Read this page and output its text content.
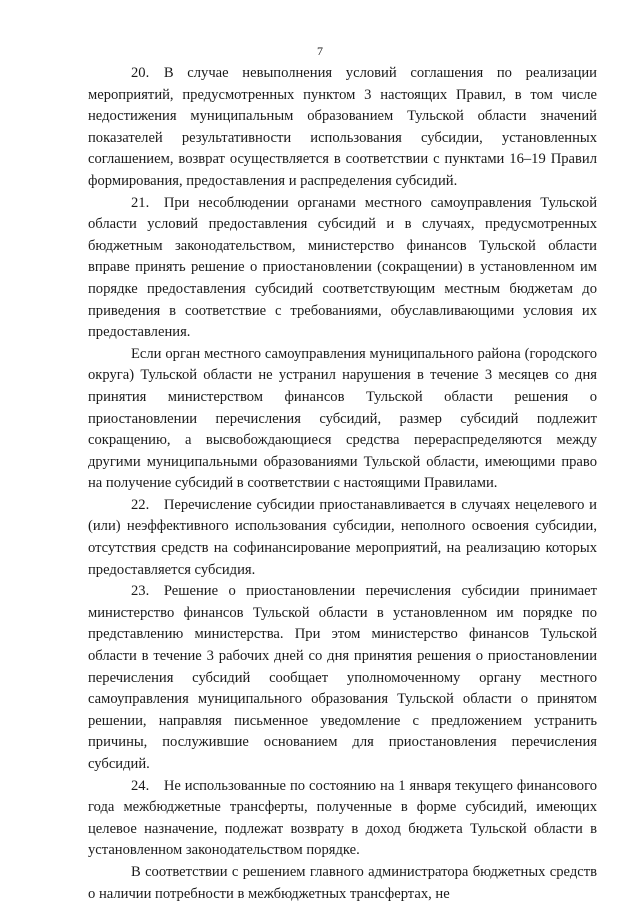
7

20. В случае невыполнения условий соглашения по реализации мероприятий, предусмотренных пунктом 3 настоящих Правил, в том числе недостижения муниципальным образованием Тульской области значений показателей результативности использования субсидии, установленных соглашением, возврат осуществляется в соответствии с пунктами 16–19 Правил формирования, предоставления и распределения субсидий.

21. При несоблюдении органами местного самоуправления Тульской области условий предоставления субсидий и в случаях, предусмотренных бюджетным законодательством, министерство финансов Тульской области вправе принять решение о приостановлении (сокращении) в установленном им порядке предоставления субсидий соответствующим местным бюджетам до приведения в соответствие с требованиями, обуславливающими условия их предоставления.

Если орган местного самоуправления муниципального района (городского округа) Тульской области не устранил нарушения в течение 3 месяцев со дня принятия министерством финансов Тульской области решения о приостановлении перечисления субсидий, размер субсидий подлежит сокращению, а высвобождающиеся средства перераспределяются между другими муниципальными образованиями Тульской области, имеющими право на получение субсидий в соответствии с настоящими Правилами.

22. Перечисление субсидии приостанавливается в случаях нецелевого и (или) неэффективного использования субсидии, неполного освоения субсидии, отсутствия средств на софинансирование мероприятий, на реализацию которых предоставляется субсидия.

23. Решение о приостановлении перечисления субсидии принимает министерство финансов Тульской области в установленном им порядке по представлению министерства. При этом министерство финансов Тульской области в течение 3 рабочих дней со дня принятия решения о приостановлении перечисления субсидий сообщает уполномоченному органу местного самоуправления муниципального образования Тульской области о принятом решении, направляя письменное уведомление с предложением устранить причины, послужившие основанием для приостановления перечисления субсидий.

24. Не использованные по состоянию на 1 января текущего финансового года межбюджетные трансферты, полученные в форме субсидий, имеющих целевое назначение, подлежат возврату в доход бюджета Тульской области в установленном законодательством порядке.

В соответствии с решением главного администратора бюджетных средств о наличии потребности в межбюджетных трансфертах, не
